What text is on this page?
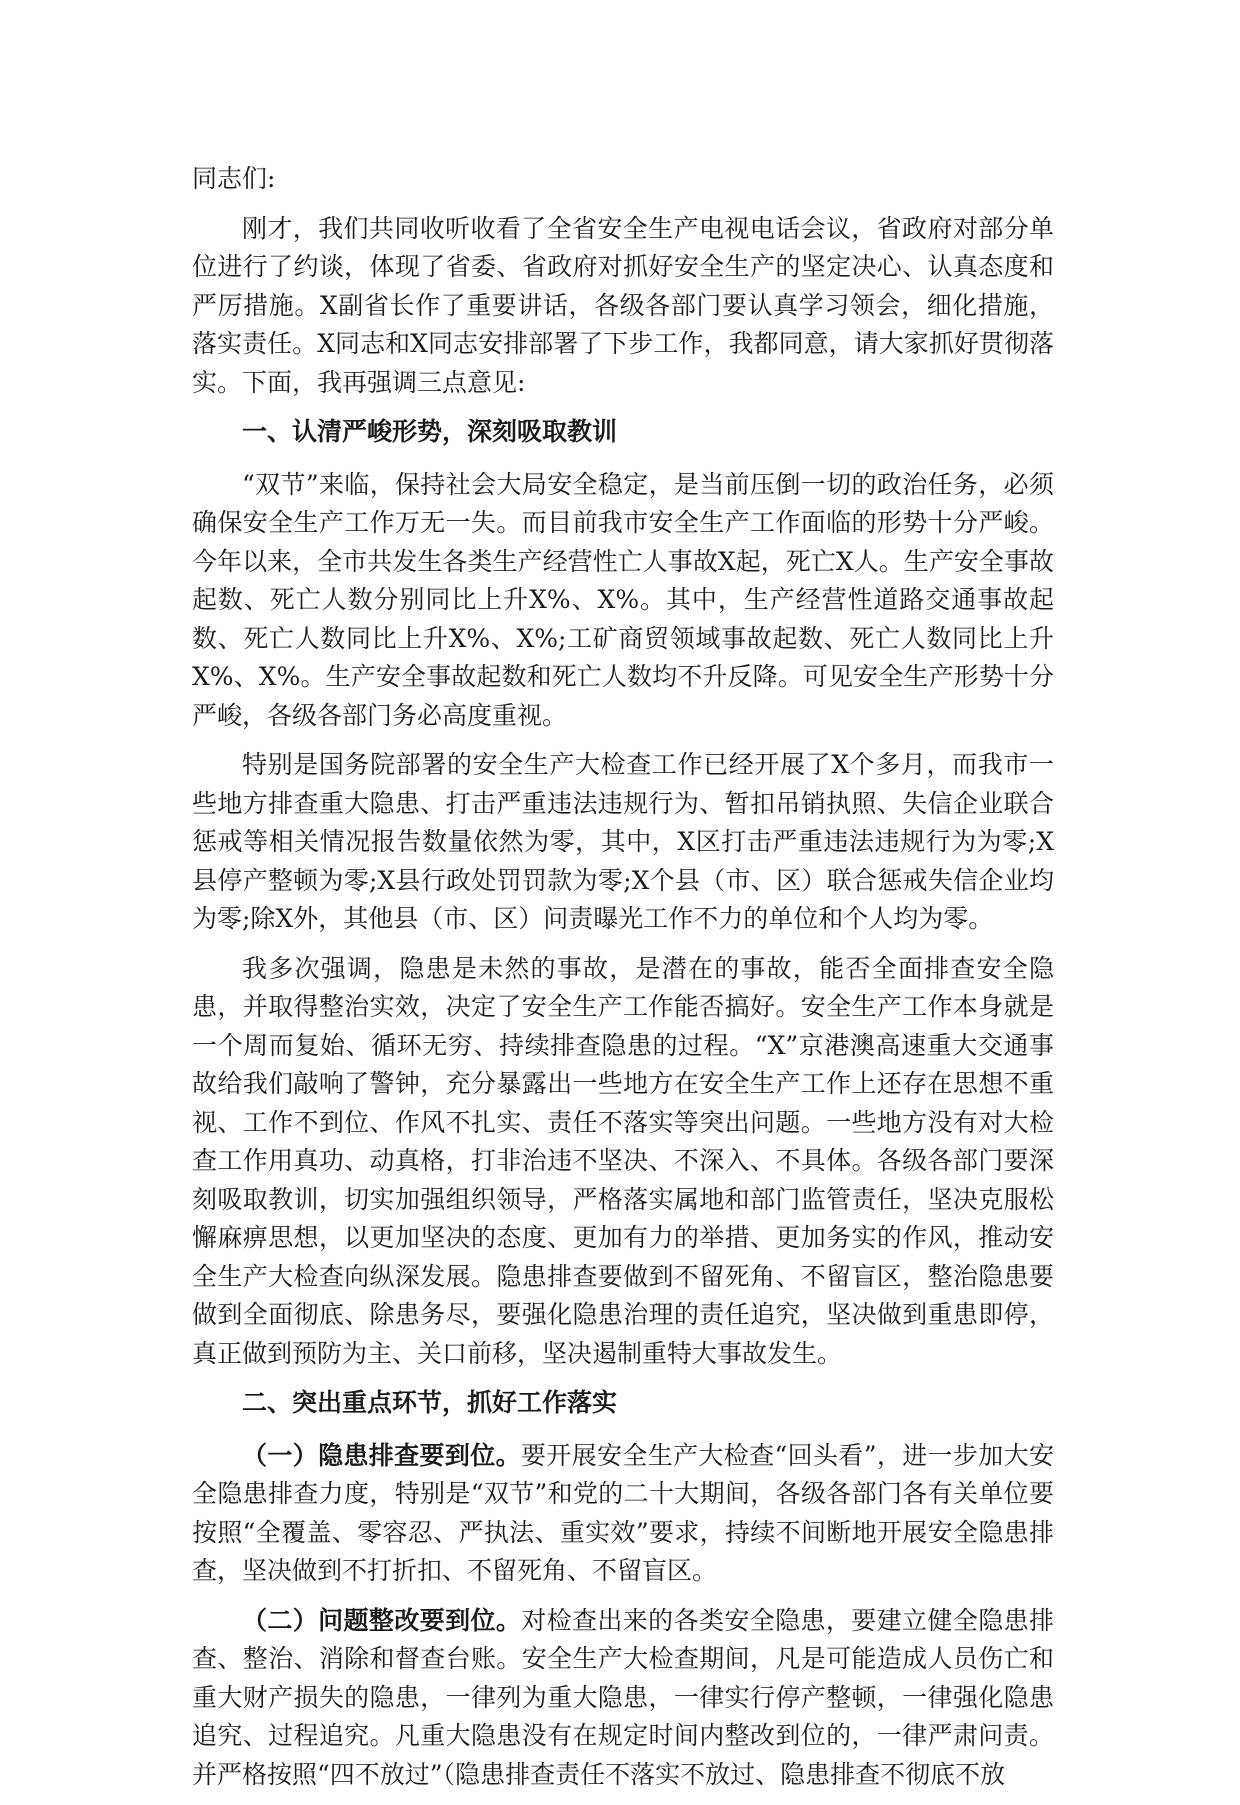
同志们:

刚才，我们共同收听收看了全省安全生产电视电话会议，省政府对部分单位进行了约谈，体现了省委、省政府对抓好安全生产的坚定决心、认真态度和严厉措施。X副省长作了重要讲话，各级各部门要认真学习领会，细化措施，落实责任。X同志和X同志安排部署了下步工作，我都同意，请大家抓好贯彻落实。下面，我再强调三点意见:

一、认清严峻形势，深刻吸取教训

“双节”来临，保持社会大局安全稳定，是当前压倒一切的政治任务，必须确保安全生产工作万无一失。而目前我市安全生产工作面临的形势十分严峻。今年以来，全市共发生各类生产经营性亡人事故X起，死亡X人。生产安全事故起数、死亡人数分别同比上升X%、X%。其中，生产经营性道路交通事故起数、死亡人数同比上升X%、X%;工矿商贸领域事故起数、死亡人数同比上升X%、X%。生产安全事故起数和死亡人数均不升反降。可见安全生产形势十分严峻，各级各部门务必高度重视。

特别是国务院部署的安全生产大检查工作已经开展了X个多月，而我市一些地方排查重大隐患、打击严重违法违规行为、暂扣吊销执照、失信企业联合惩戒等相关情况报告数量依然为零，其中，X区打击严重违法违规行为为零;X县停产整顿为零;X县行政处罚罚款为零;X个县（市、区）联合惩戒失信企业均为零;除X外，其他县（市、区）问责曝光工作不力的单位和个人均为零。

我多次强调，隐患是未然的事故，是潜在的事故，能否全面排查安全隐患，并取得整治实效，决定了安全生产工作能否搞好。安全生产工作本身就是一个周而复始、循环无穷、持续排查隐患的过程。“X”京港澳高速重大交通事故给我们敲响了警钟，充分暴露出一些地方在安全生产工作上还存在思想不重视、工作不到位、作风不扎实、责任不落实等突出问题。一些地方没有对大检查工作用真功、动真格，打非治违不坚决、不深入、不具体。各级各部门要深刻吸取教训，切实加强组织领导，严格落实属地和部门监管责任，坚决克服松懈麻痹思想，以更加坚决的态度、更加有力的举措、更加务实的作风，推动安全生产大检查向纵深发展。隐患排查要做到不留死角、不留盲区，整治隐患要做到全面彻底、除患务尽，要强化隐患治理的责任追究，坚决做到重患即停，真正做到预防为主、关口前移，坚决遏制重特大事故发生。

二、突出重点环节，抓好工作落实

（一）隐患排查要到位。要开展安全生产大检查“回头看”，进一步加大安全隐患排查力度，特别是“双节”和党的二十大期间，各级各部门各有关单位要按照“全覆盖、零容忍、严执法、重实效”要求，持续不间断地开展安全隐患排查，坚决做到不打折扣、不留死角、不留盲区。

（二）问题整改要到位。对检查出来的各类安全隐患，要建立健全隐患排查、整治、消除和督查台账。安全生产大检查期间，凡是可能造成人员伤亡和重大财产损失的隐患，一律列为重大隐患，一律实行停产整顿，一律强化隐患追究、过程追究。凡重大隐患没有在规定时间内整改到位的，一律严肃问责。并严格按照“四不放过”（隐患排查责任不落实不放过、隐患排查不彻底不放
